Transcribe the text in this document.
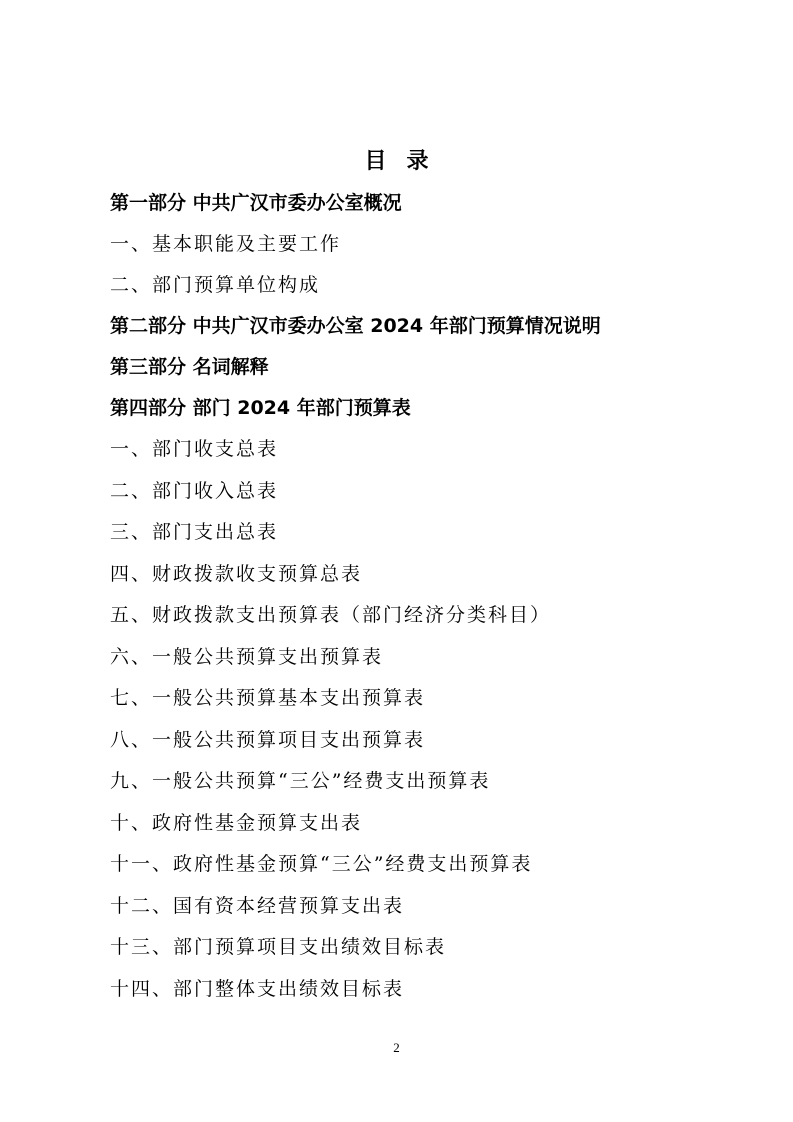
目录
第一部分 中共广汉市委办公室概况
一、基本职能及主要工作
二、部门预算单位构成
第二部分 中共广汉市委办公室 2024 年部门预算情况说明
第三部分 名词解释
第四部分 部门 2024 年部门预算表
一、部门收支总表
二、部门收入总表
三、部门支出总表
四、财政拨款收支预算总表
五、财政拨款支出预算表（部门经济分类科目）
六、一般公共预算支出预算表
七、一般公共预算基本支出预算表
八、一般公共预算项目支出预算表
九、一般公共预算“三公”经费支出预算表
十、政府性基金预算支出表
十一、政府性基金预算“三公”经费支出预算表
十二、国有资本经营预算支出表
十三、部门预算项目支出绩效目标表
十四、部门整体支出绩效目标表
2
